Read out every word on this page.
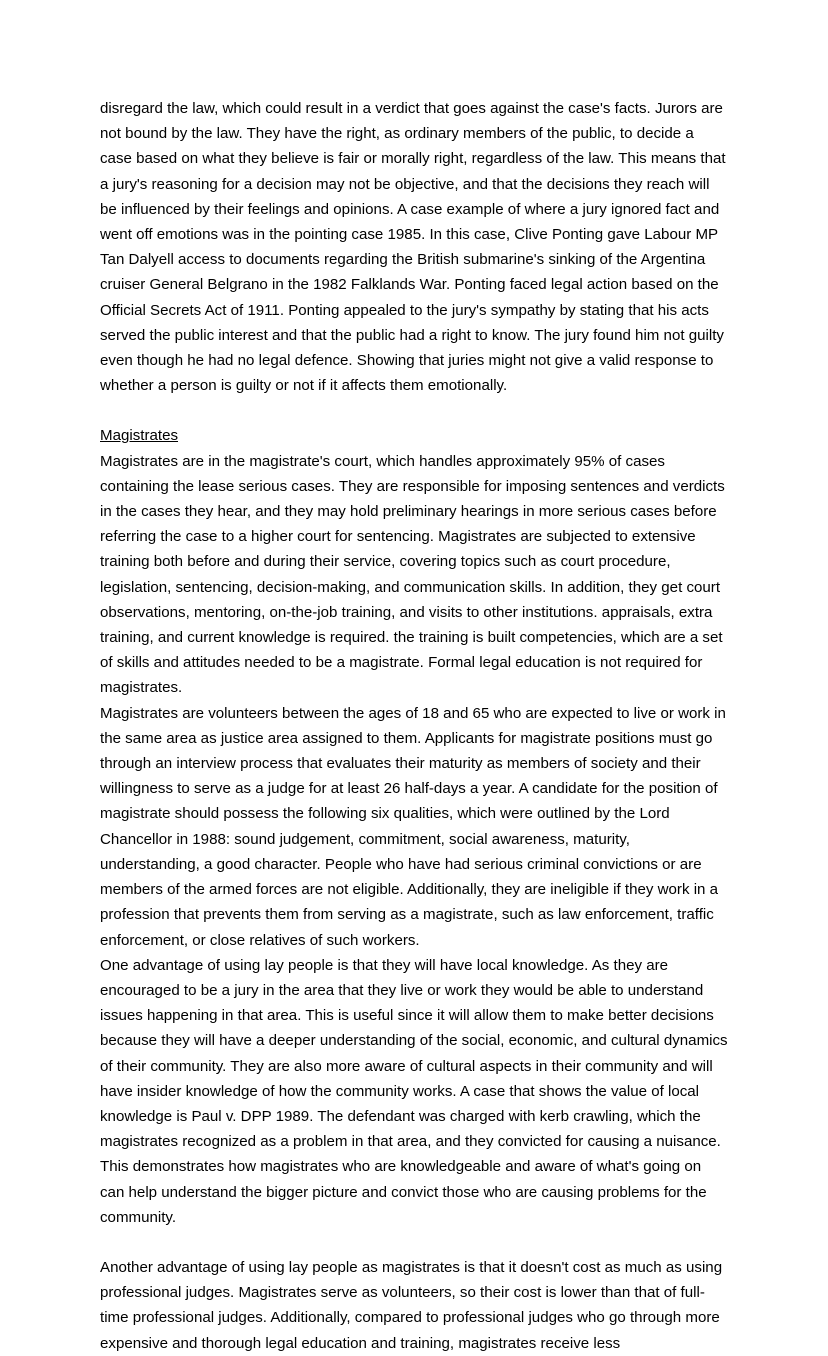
disregard the law, which could result in a verdict that goes against the case's facts. Jurors are not bound by the law. They have the right, as ordinary members of the public, to decide a case based on what they believe is fair or morally right, regardless of the law. This means that a jury's reasoning for a decision may not be objective, and that the decisions they reach will be influenced by their feelings and opinions. A case example of where a jury ignored fact and went off emotions was in the pointing case 1985. In this case, Clive Ponting gave Labour MP Tan Dalyell access to documents regarding the British submarine's sinking of the Argentina cruiser General Belgrano in the 1982 Falklands War. Ponting faced legal action based on the Official Secrets Act of 1911. Ponting appealed to the jury's sympathy by stating that his acts served the public interest and that the public had a right to know. The jury found him not guilty even though he had no legal defence. Showing that juries might not give a valid response to whether a person is guilty or not if it affects them emotionally.

Magistrates

Magistrates are in the magistrate's court, which handles approximately 95% of cases containing the lease serious cases. They are responsible for imposing sentences and verdicts in the cases they hear, and they may hold preliminary hearings in more serious cases before referring the case to a higher court for sentencing. Magistrates are subjected to extensive training both before and during their service, covering topics such as court procedure, legislation, sentencing, decision-making, and communication skills. In addition, they get court observations, mentoring, on-the-job training, and visits to other institutions. appraisals, extra training, and current knowledge is required. the training is built competencies, which are a set of skills and attitudes needed to be a magistrate. Formal legal education is not required for magistrates.

Magistrates are volunteers between the ages of 18 and 65 who are expected to live or work in the same area as justice area assigned to them. Applicants for magistrate positions must go through an interview process that evaluates their maturity as members of society and their willingness to serve as a judge for at least 26 half-days a year. A candidate for the position of magistrate should possess the following six qualities, which were outlined by the Lord Chancellor in 1988: sound judgement, commitment, social awareness, maturity, understanding, a good character. People who have had serious criminal convictions or are members of the armed forces are not eligible. Additionally, they are ineligible if they work in a profession that prevents them from serving as a magistrate, such as law enforcement, traffic enforcement, or close relatives of such workers.

One advantage of using lay people is that they will have local knowledge. As they are encouraged to be a jury in the area that they live or work they would be able to understand issues happening in that area. This is useful since it will allow them to make better decisions because they will have a deeper understanding of the social, economic, and cultural dynamics of their community. They are also more aware of cultural aspects in their community and will have insider knowledge of how the community works. A case that shows the value of local knowledge is Paul v. DPP 1989. The defendant was charged with kerb crawling, which the magistrates recognized as a problem in that area, and they convicted for causing a nuisance. This demonstrates how magistrates who are knowledgeable and aware of what's going on can help understand the bigger picture and convict those who are causing problems for the community.

Another advantage of using lay people as magistrates is that it doesn't cost as much as using professional judges. Magistrates serve as volunteers, so their cost is lower than that of full-time professional judges. Additionally, compared to professional judges who go through more expensive and thorough legal education and training, magistrates receive less
